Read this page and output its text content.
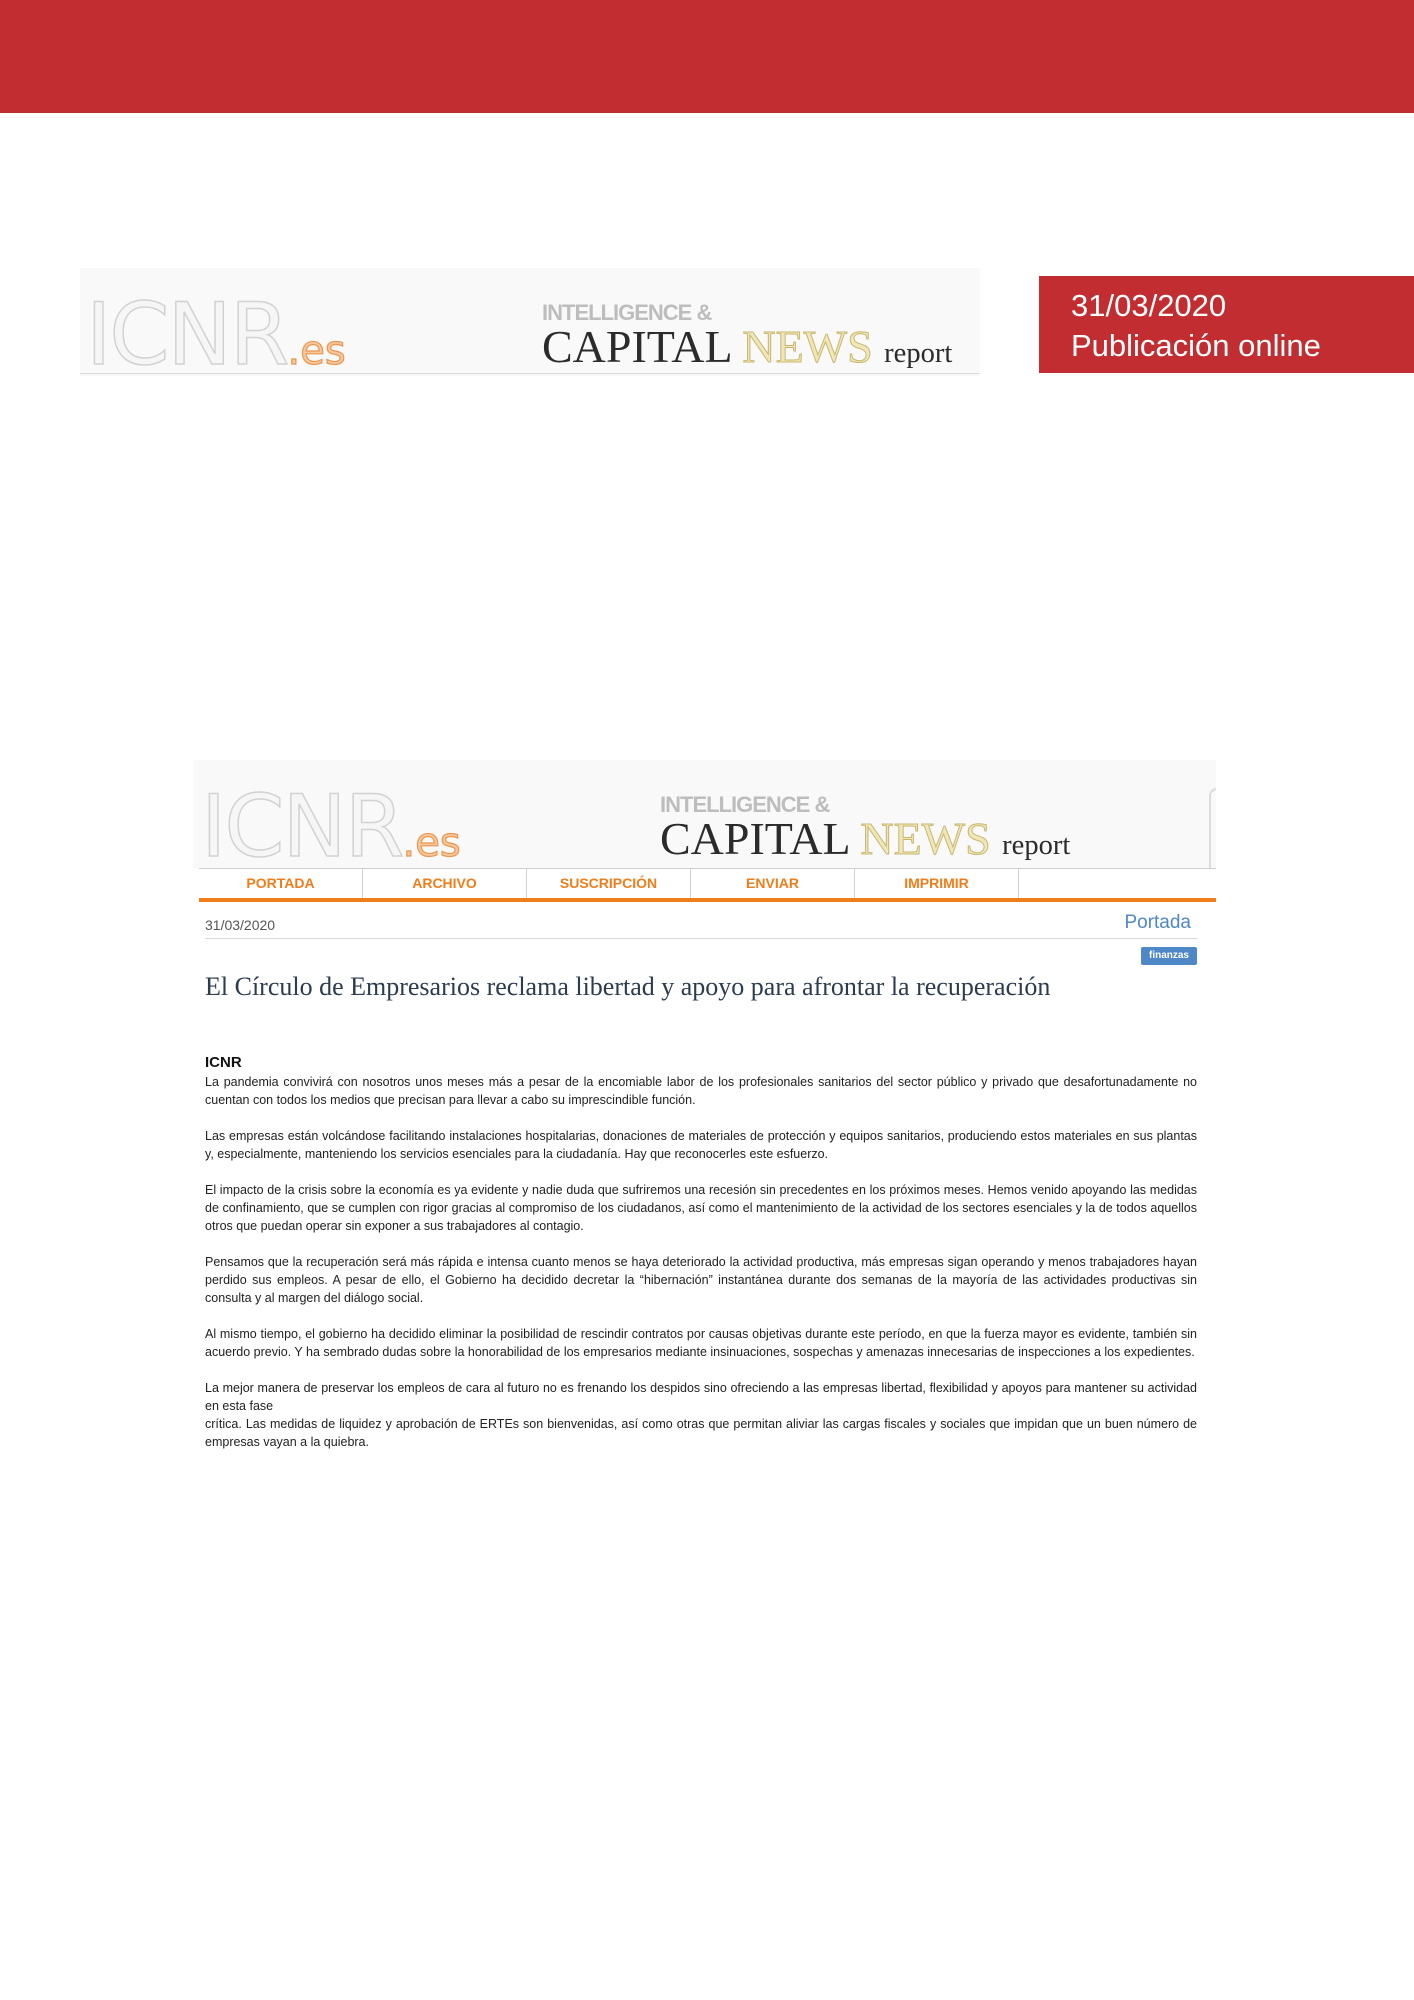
ICNR.es
INTELLIGENCE &
CAPITAL NEWS report
31/03/2020
Publicación online
ICNR.es
INTELLIGENCE &
CAPITAL NEWS report
PORTADA	ARCHIVO	SUSCRIPCIÓN	ENVIAR	IMPRIMIR
31/03/2020	Portada
finanzas
El Círculo de Empresarios reclama libertad y apoyo para afrontar la recuperación
ICNR

La pandemia convivirá con nosotros unos meses más a pesar de la encomiable labor de los profesionales sanitarios del sector público y privado que desafortunadamente no cuentan con todos los medios que precisan para llevar a cabo su imprescindible función.

Las empresas están volcándose facilitando instalaciones hospitalarias, donaciones de materiales de protección y equipos sanitarios, produciendo estos materiales en sus plantas y, especialmente, manteniendo los servicios esenciales para la ciudadanía. Hay que reconocerles este esfuerzo.

El impacto de la crisis sobre la economía es ya evidente y nadie duda que sufriremos una recesión sin precedentes en los próximos meses. Hemos venido apoyando las medidas de confinamiento, que se cumplen con rigor gracias al compromiso de los ciudadanos, así como el mantenimiento de la actividad de los sectores esenciales y la de todos aquellos otros que puedan operar sin exponer a sus trabajadores al contagio.

Pensamos que la recuperación será más rápida e intensa cuanto menos se haya deteriorado la actividad productiva, más empresas sigan operando y menos trabajadores hayan perdido sus empleos. A pesar de ello, el Gobierno ha decidido decretar la “hibernación” instantánea durante dos semanas de la mayoría de las actividades productivas sin consulta y al margen del diálogo social.

Al mismo tiempo, el gobierno ha decidido eliminar la posibilidad de rescindir contratos por causas objetivas durante este período, en que la fuerza mayor es evidente, también sin acuerdo previo. Y ha sembrado dudas sobre la honorabilidad de los empresarios mediante insinuaciones, sospechas y amenazas innecesarias de inspecciones a los expedientes.

La mejor manera de preservar los empleos de cara al futuro no es frenando los despidos sino ofreciendo a las empresas libertad, flexibilidad y apoyos para mantener su actividad en esta fase

crítica. Las medidas de liquidez y aprobación de ERTEs son bienvenidas, así como otras que permitan aliviar las cargas fiscales y sociales que impidan que un buen número de empresas vayan a la quiebra.
